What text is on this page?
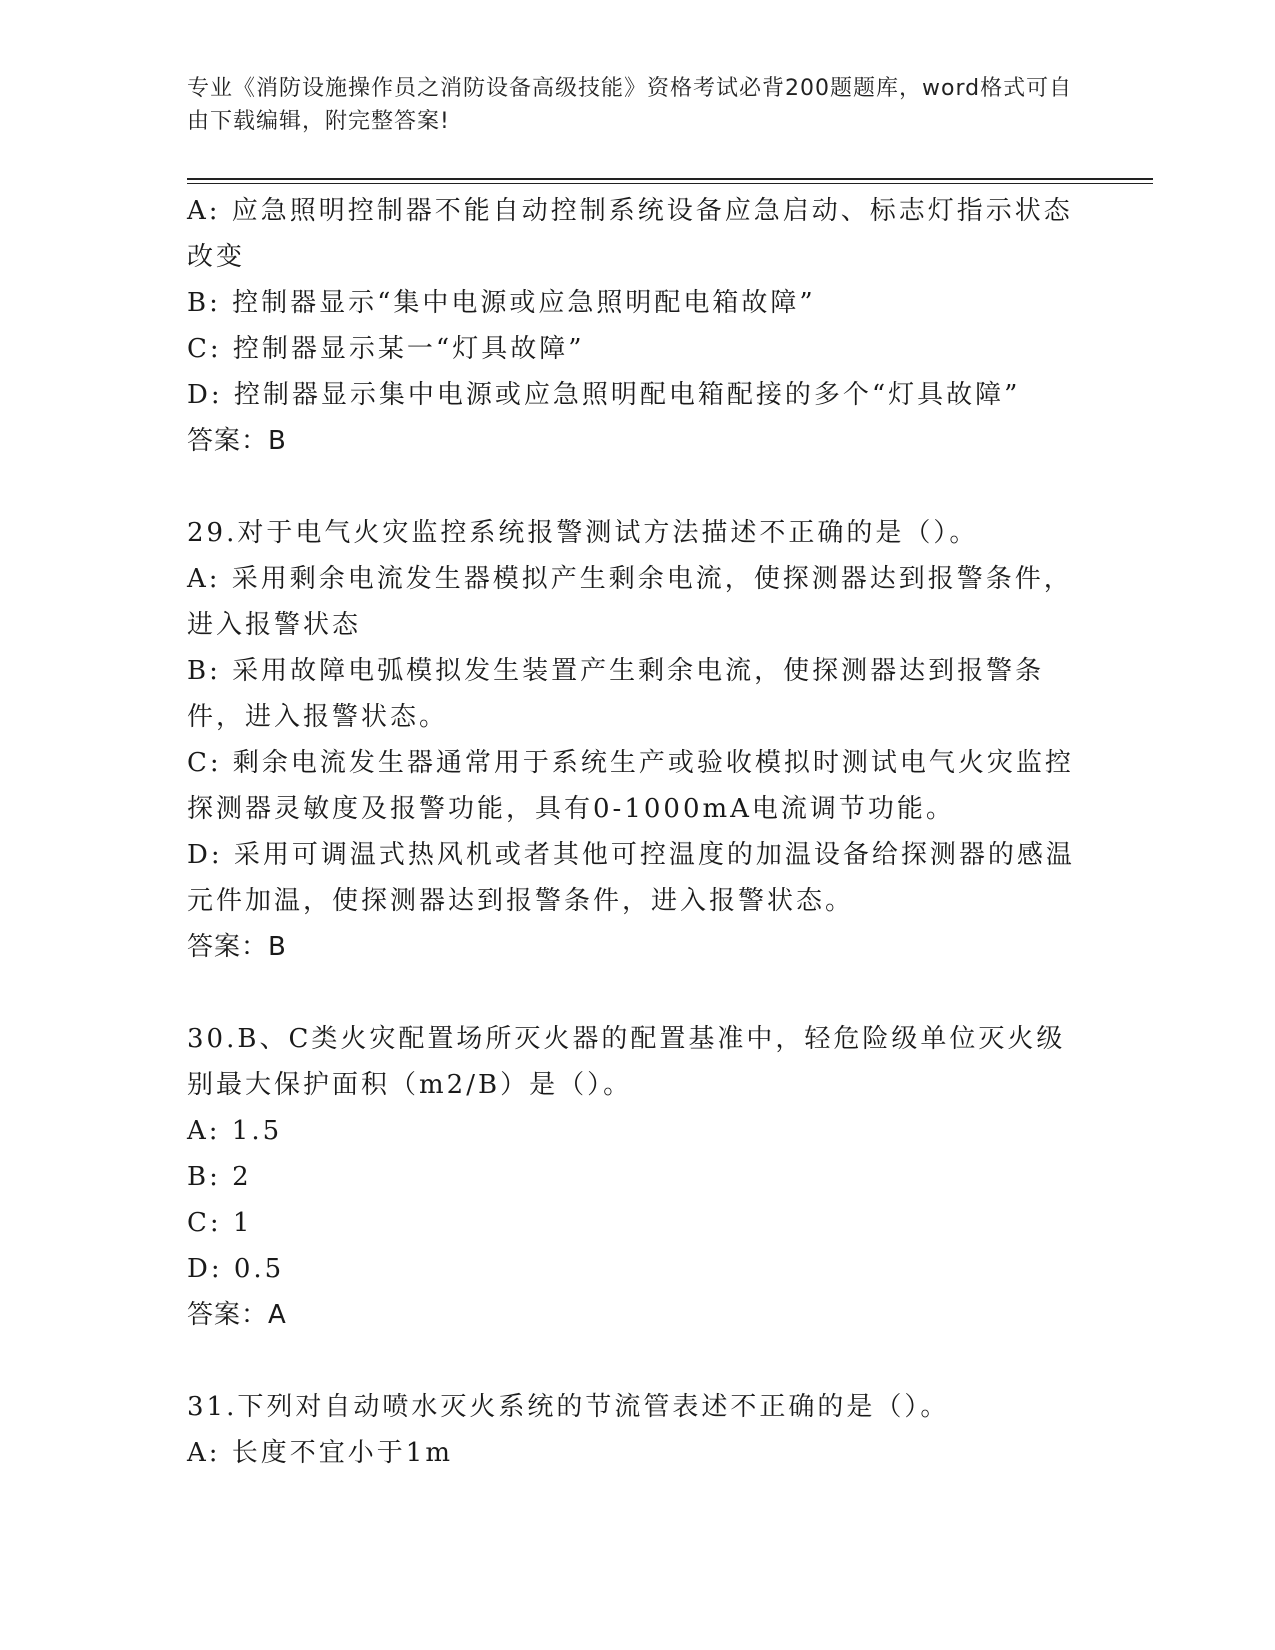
专业《消防设施操作员之消防设备高级技能》资格考试必背200题题库，word格式可自由下载编辑，附完整答案!
A: 应急照明控制器不能自动控制系统设备应急启动、标志灯指示状态改变
B: 控制器显示“集中电源或应急照明配电箱故障”
C: 控制器显示某一“灯具故障”
D: 控制器显示集中电源或应急照明配电箱配接的多个“灯具故障”
答案：B
29.对于电气火灾监控系统报警测试方法描述不正确的是（）。
A: 采用剩余电流发生器模拟产生剩余电流，使探测器达到报警条件，进入报警状态
B: 采用故障电弧模拟发生装置产生剩余电流，使探测器达到报警条件，进入报警状态。
C: 剩余电流发生器通常用于系统生产或验收模拟时测试电气火灾监控探测器灵敏度及报警功能，具有0-1000mA电流调节功能。
D: 采用可调温式热风机或者其他可控温度的加温设备给探测器的感温元件加温，使探测器达到报警条件，进入报警状态。
答案：B
30.B、C类火灾配置场所灭火器的配置基准中，轻危险级单位灭火级别最大保护面积（m2/B）是（）。
A: 1.5
B: 2
C: 1
D: 0.5
答案：A
31.下列对自动喷水灭火系统的节流管表述不正确的是（）。
A: 长度不宜小于1m
